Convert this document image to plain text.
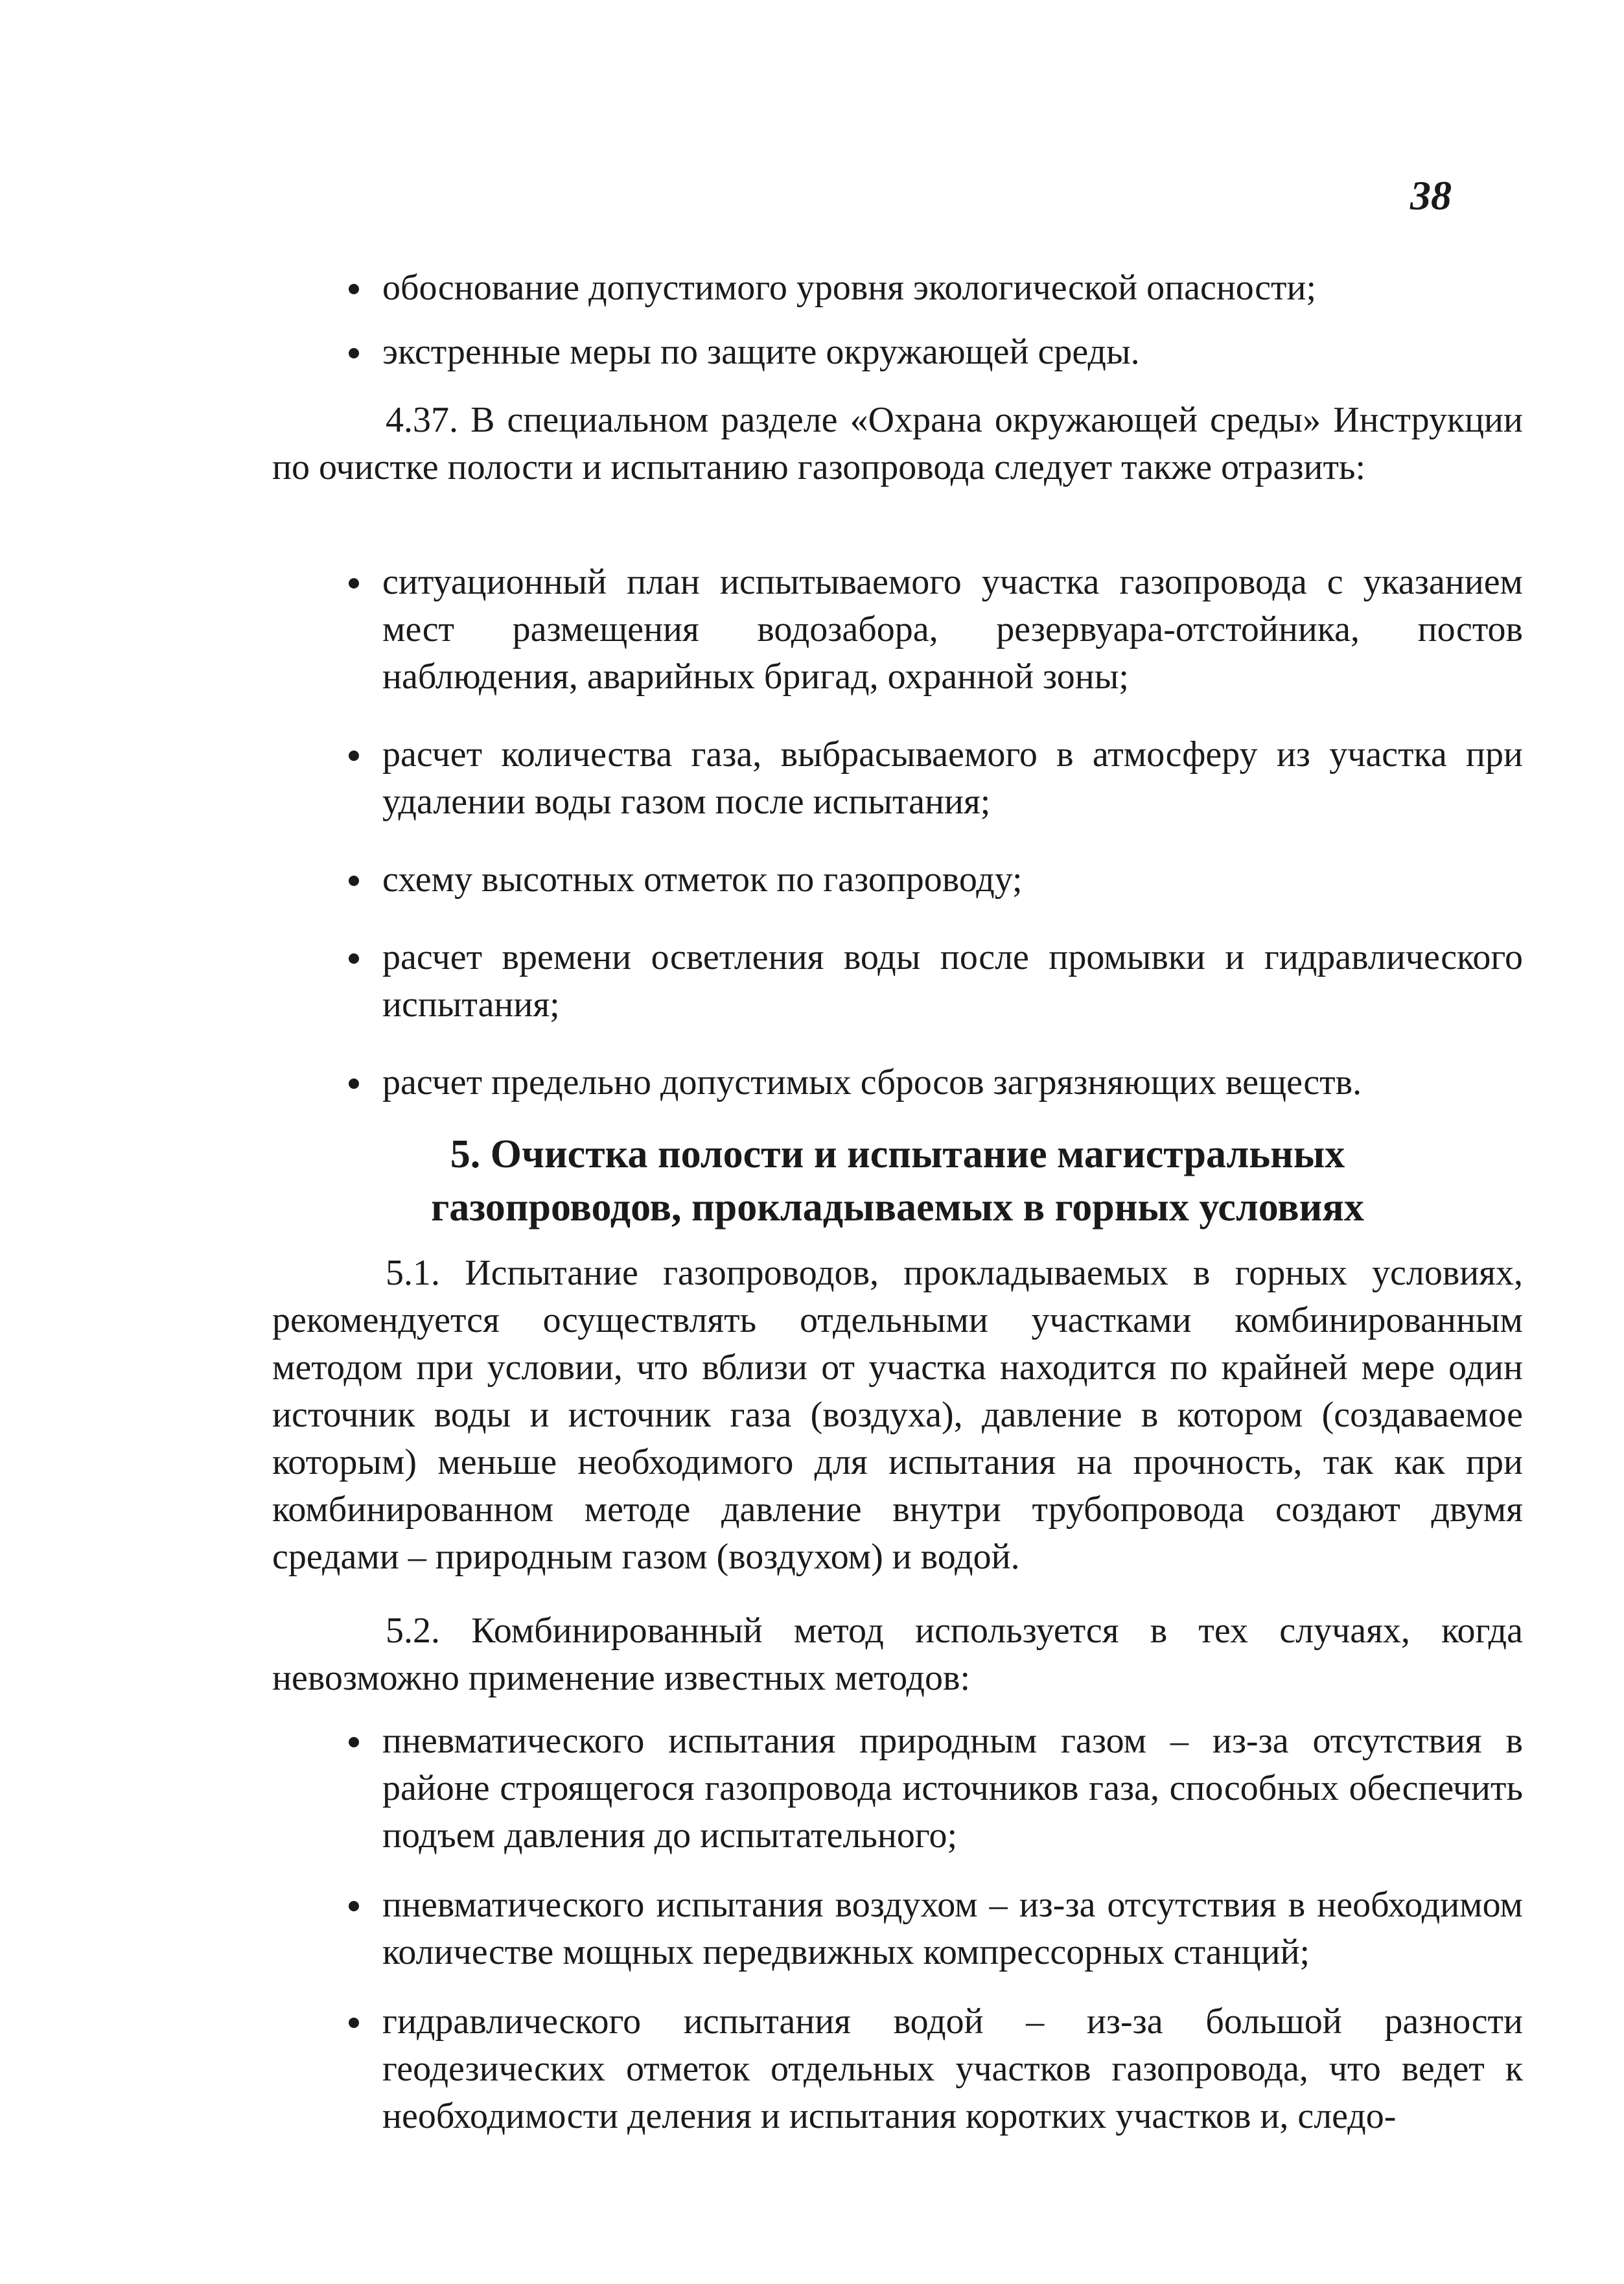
38

обоснование допустимого уровня экологической опасности;

экстренные меры по защите окружающей среды.

4.37. В специальном разделе «Охрана окружающей среды» Инструкции по очистке полости и испытанию газопровода следует также отразить:

ситуационный план испытываемого участка газопровода с указанием мест размещения водозабора, резервуара-отстойника, постов наблюдения, аварийных бригад, охранной зоны;

расчет количества газа, выбрасываемого в атмосферу из участка при удалении воды газом после испытания;

схему высотных отметок по газопроводу;

расчет времени осветления воды после промывки и гидравлического испытания;

расчет предельно допустимых сбросов загрязняющих веществ.

5. Очистка полости и испытание магистральных
газопроводов, прокладываемых в горных условиях
5.1. Испытание газопроводов, прокладываемых в горных условиях, рекомендуется осуществлять отдельными участками комбинированным методом при условии, что вблизи от участка находится по крайней мере один источник воды и источник газа (воздуха), давление в котором (создаваемое которым) меньше необходимого для испытания на прочность, так как при комбинированном методе давление внутри трубопровода создают двумя средами – природным газом (воздухом) и водой.
5.2. Комбинированный метод используется в тех случаях, когда невозможно применение известных методов:

пневматического испытания природным газом – из-за отсутствия в районе строящегося газопровода источников газа, способных обеспечить подъем давления до испытательного;

пневматического испытания воздухом – из-за отсутствия в необходимом количестве мощных передвижных компрессорных станций;

гидравлического испытания водой – из-за большой разности геодезических отметок отдельных участков газопровода, что ведет к необходимости деления и испытания коротких участков и, следо-
